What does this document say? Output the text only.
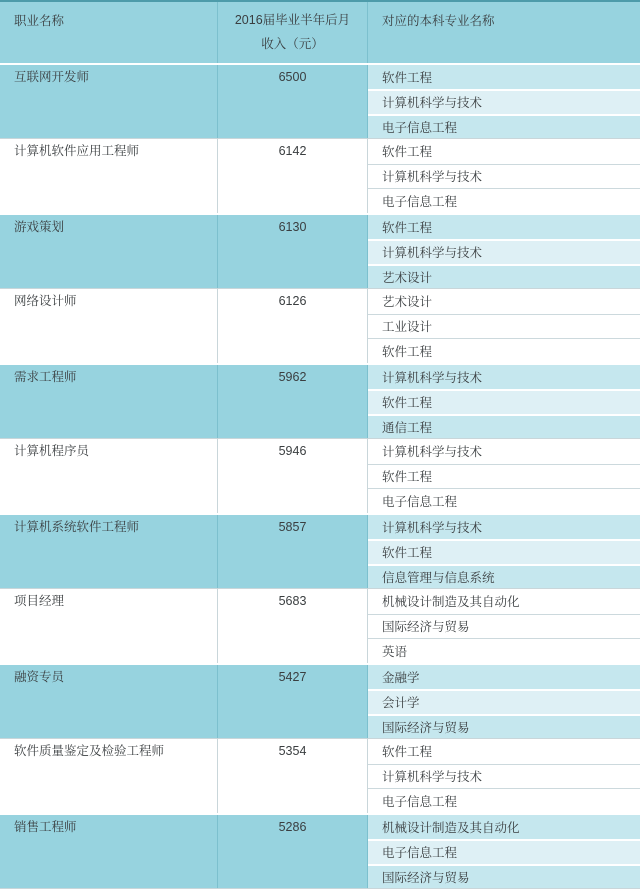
职业名称	2016届毕业半年后月收入（元）
对应的本科专业名称
互联网开发师	6500	软件工程
计算机科学与技术
电子信息工程
计算机软件应用工程师	6142	软件工程
计算机科学与技术
电子信息工程
游戏策划	6130	软件工程
计算机科学与技术
艺术设计
网络设计师	6126	艺术设计
工业设计
软件工程
需求工程师	5962	计算机科学与技术
软件工程
通信工程
计算机程序员	5946	计算机科学与技术
软件工程
电子信息工程
计算机系统软件工程师	5857	计算机科学与技术
软件工程
信息管理与信息系统
项目经理	5683	机械设计制造及其自动化
国际经济与贸易
英语
融资专员	5427	金融学
会计学
国际经济与贸易
软件质量鉴定及检验工程师	5354	软件工程
计算机科学与技术
电子信息工程
销售工程师	5286	机械设计制造及其自动化
电子信息工程
国际经济与贸易
